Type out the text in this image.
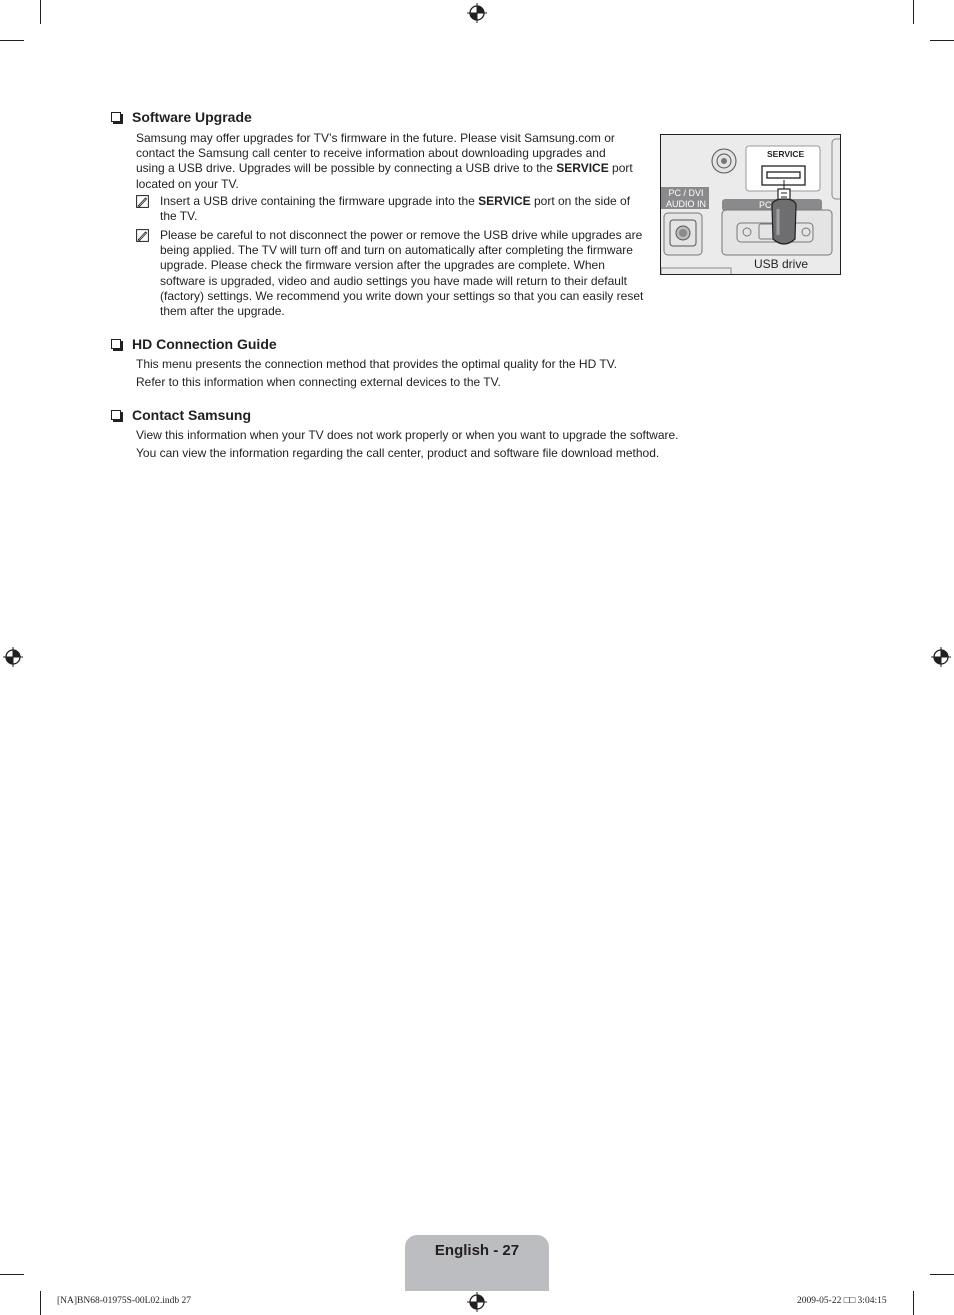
Software Upgrade
Samsung may offer upgrades for TV’s firmware in the future. Please visit Samsung.com or
contact the Samsung call center to receive information about downloading upgrades and
using a USB drive. Upgrades will be possible by connecting a USB drive to the SERVICE port
located on your TV.
Insert a USB drive containing the firmware upgrade into the SERVICE port on the side of
the TV.
Please be careful to not disconnect the power or remove the USB drive while upgrades are
being applied. The TV will turn off and turn on automatically after completing the firmware
upgrade. Please check the firmware version after the upgrades are complete. When
software is upgraded, video and audio settings you have made will return to their default
(factory) settings. We recommend you write down your settings so that you can easily reset
them after the upgrade.
SERVICE
PC / DVI
AUDIO IN	PC
USB drive
HD Connection Guide
This menu presents the connection method that provides the optimal quality for the HD TV.
Refer to this information when connecting external devices to the TV.
Contact Samsung
View this information when your TV does not work properly or when you want to upgrade the software.
You can view the information regarding the call center, product and software file download method.
English - 27
[NA]BN68-01975S-00L02.indb 27	2009-05-22 □□ 3:04:15
